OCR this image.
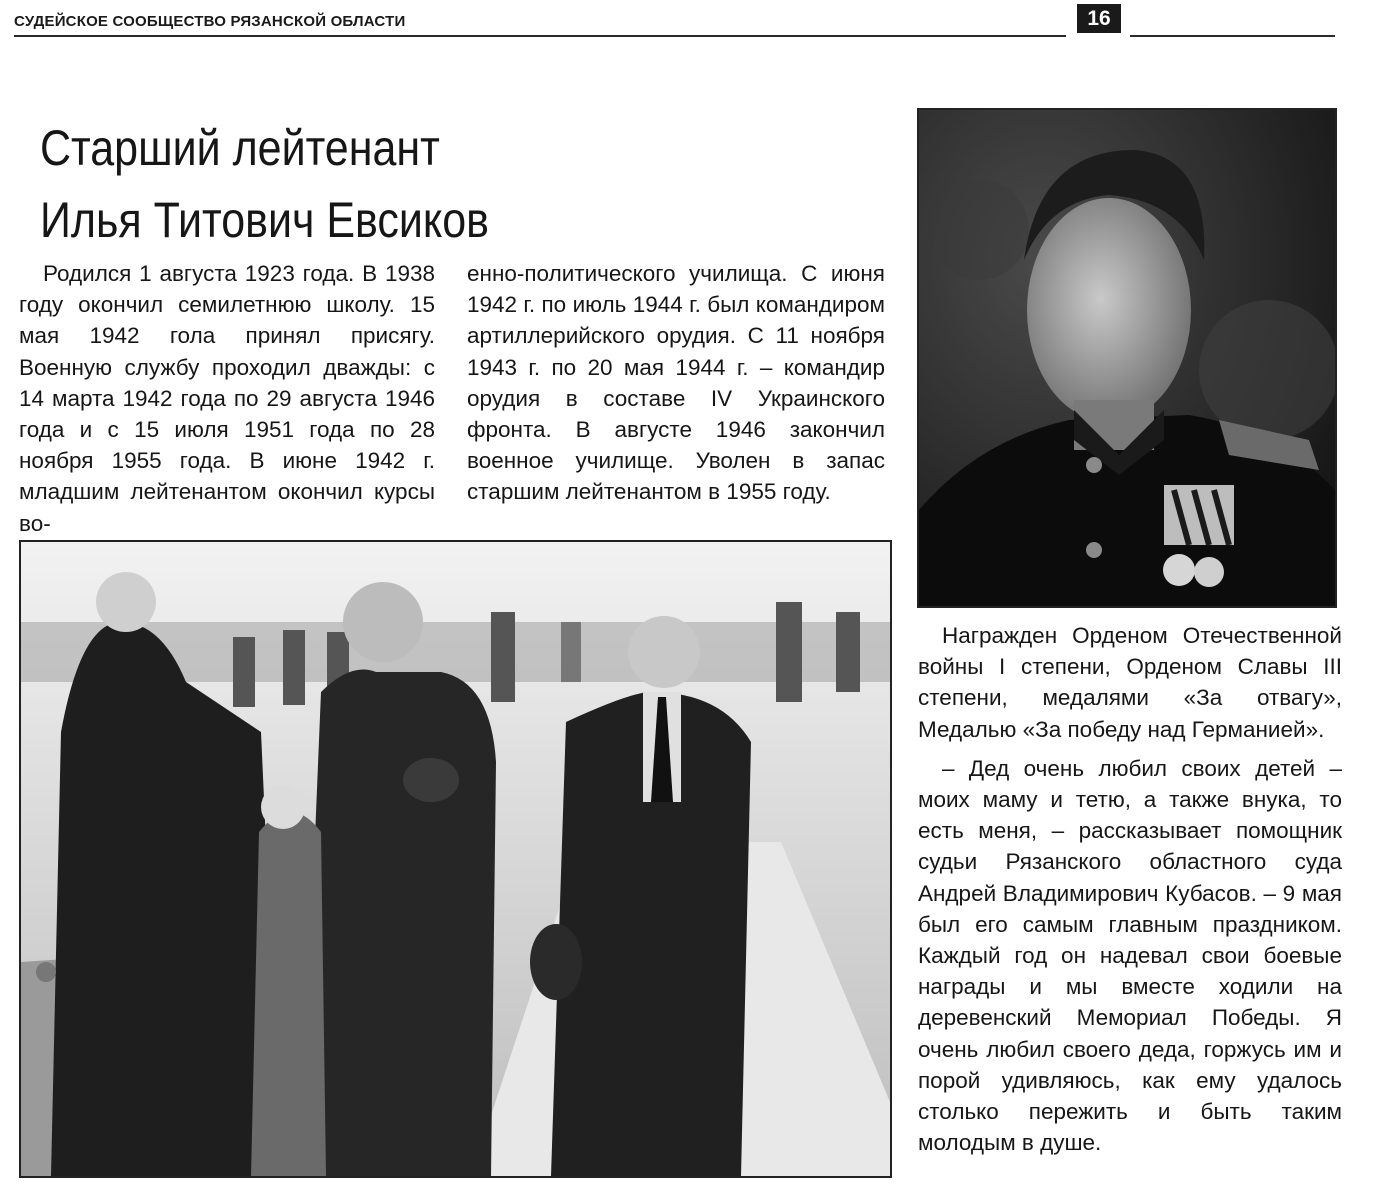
СУДЕЙСКОЕ СООБЩЕСТВО РЯЗАНСКОЙ ОБЛАСТИ	16
Старший лейтенант
Илья Титович Евсиков

Родился 1 августа 1923 года. В 1938 году окончил семилетнюю школу. 15 мая 1942 гола принял присягу. Военную службу проходил дважды: с 14 марта 1942 года по 29 августа 1946 года и с 15 июля 1951 года по 28 ноября 1955 года. В июне 1942 г. младшим лейтенантом окончил курсы во-

енно-политического училища. С июня 1942 г. по июль 1944 г. был командиром артиллерийского орудия. С 11 ноября 1943 г. по 20 мая 1944 г. – командир орудия в составе IV Украинского фронта. В августе 1946 закончил военное училище. Уволен в запас старшим лейтенантом в 1955 году.

Награжден Орденом Отечественной войны I степени, Орденом Славы III степени, медалями «За отвагу», Медалью «За победу над Германией».

– Дед очень любил своих детей – моих маму и тетю, а также внука, то есть меня, – рассказывает помощник судьи Рязанского областного суда Андрей Владимирович Кубасов. – 9 мая был его самым главным праздником. Каждый год он надевал свои боевые награды и мы вместе ходили на деревенский Мемориал Победы. Я очень любил своего деда, горжусь им и порой удивляюсь, как ему удалось столько пережить и быть таким молодым в душе.
